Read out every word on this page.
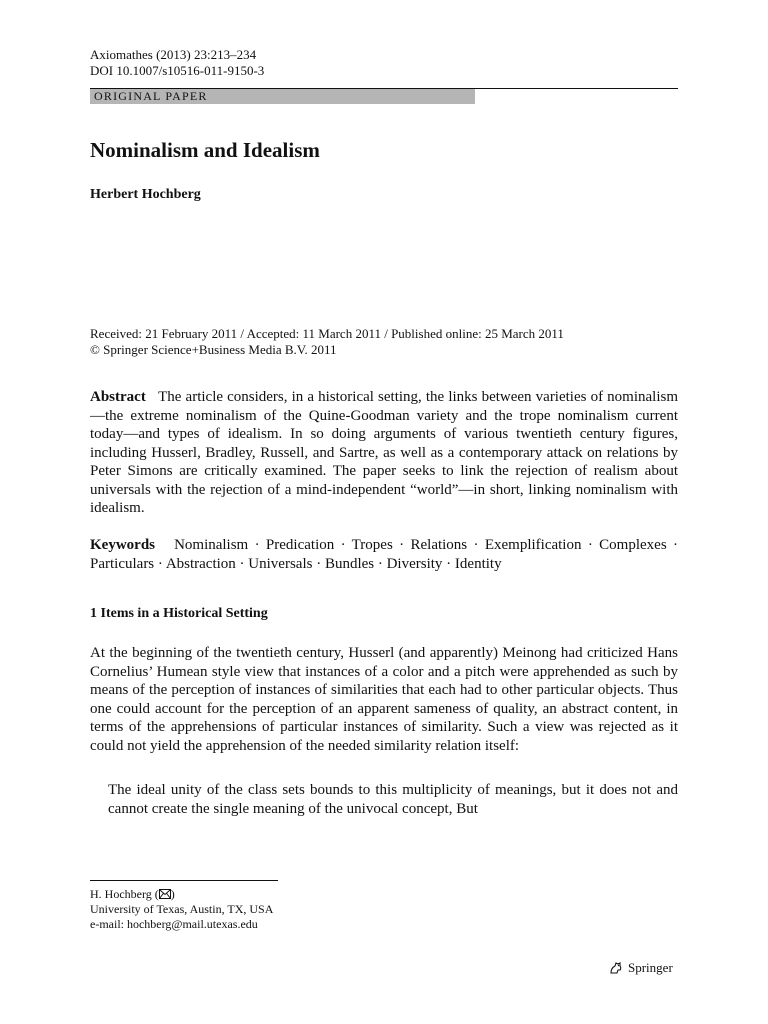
Axiomathes (2013) 23:213–234
DOI 10.1007/s10516-011-9150-3
ORIGINAL PAPER
Nominalism and Idealism
Herbert Hochberg
Received: 21 February 2011 / Accepted: 11 March 2011 / Published online: 25 March 2011
© Springer Science+Business Media B.V. 2011
Abstract The article considers, in a historical setting, the links between varieties of nominalism—the extreme nominalism of the Quine-Goodman variety and the trope nominalism current today—and types of idealism. In so doing arguments of various twentieth century figures, including Husserl, Bradley, Russell, and Sartre, as well as a contemporary attack on relations by Peter Simons are critically examined. The paper seeks to link the rejection of realism about universals with the rejection of a mind-independent “world”—in short, linking nominalism with idealism.
Keywords Nominalism · Predication · Tropes · Relations · Exemplification · Complexes · Particulars · Abstraction · Universals · Bundles · Diversity · Identity
1 Items in a Historical Setting
At the beginning of the twentieth century, Husserl (and apparently) Meinong had criticized Hans Cornelius’ Humean style view that instances of a color and a pitch were apprehended as such by means of the perception of instances of similarities that each had to other particular objects. Thus one could account for the perception of an apparent sameness of quality, an abstract content, in terms of the apprehensions of particular instances of similarity. Such a view was rejected as it could not yield the apprehension of the needed similarity relation itself:
The ideal unity of the class sets bounds to this multiplicity of meanings, but it does not and cannot create the single meaning of the univocal concept, But
H. Hochberg ( )
University of Texas, Austin, TX, USA
e-mail: hochberg@mail.utexas.edu
Springer
